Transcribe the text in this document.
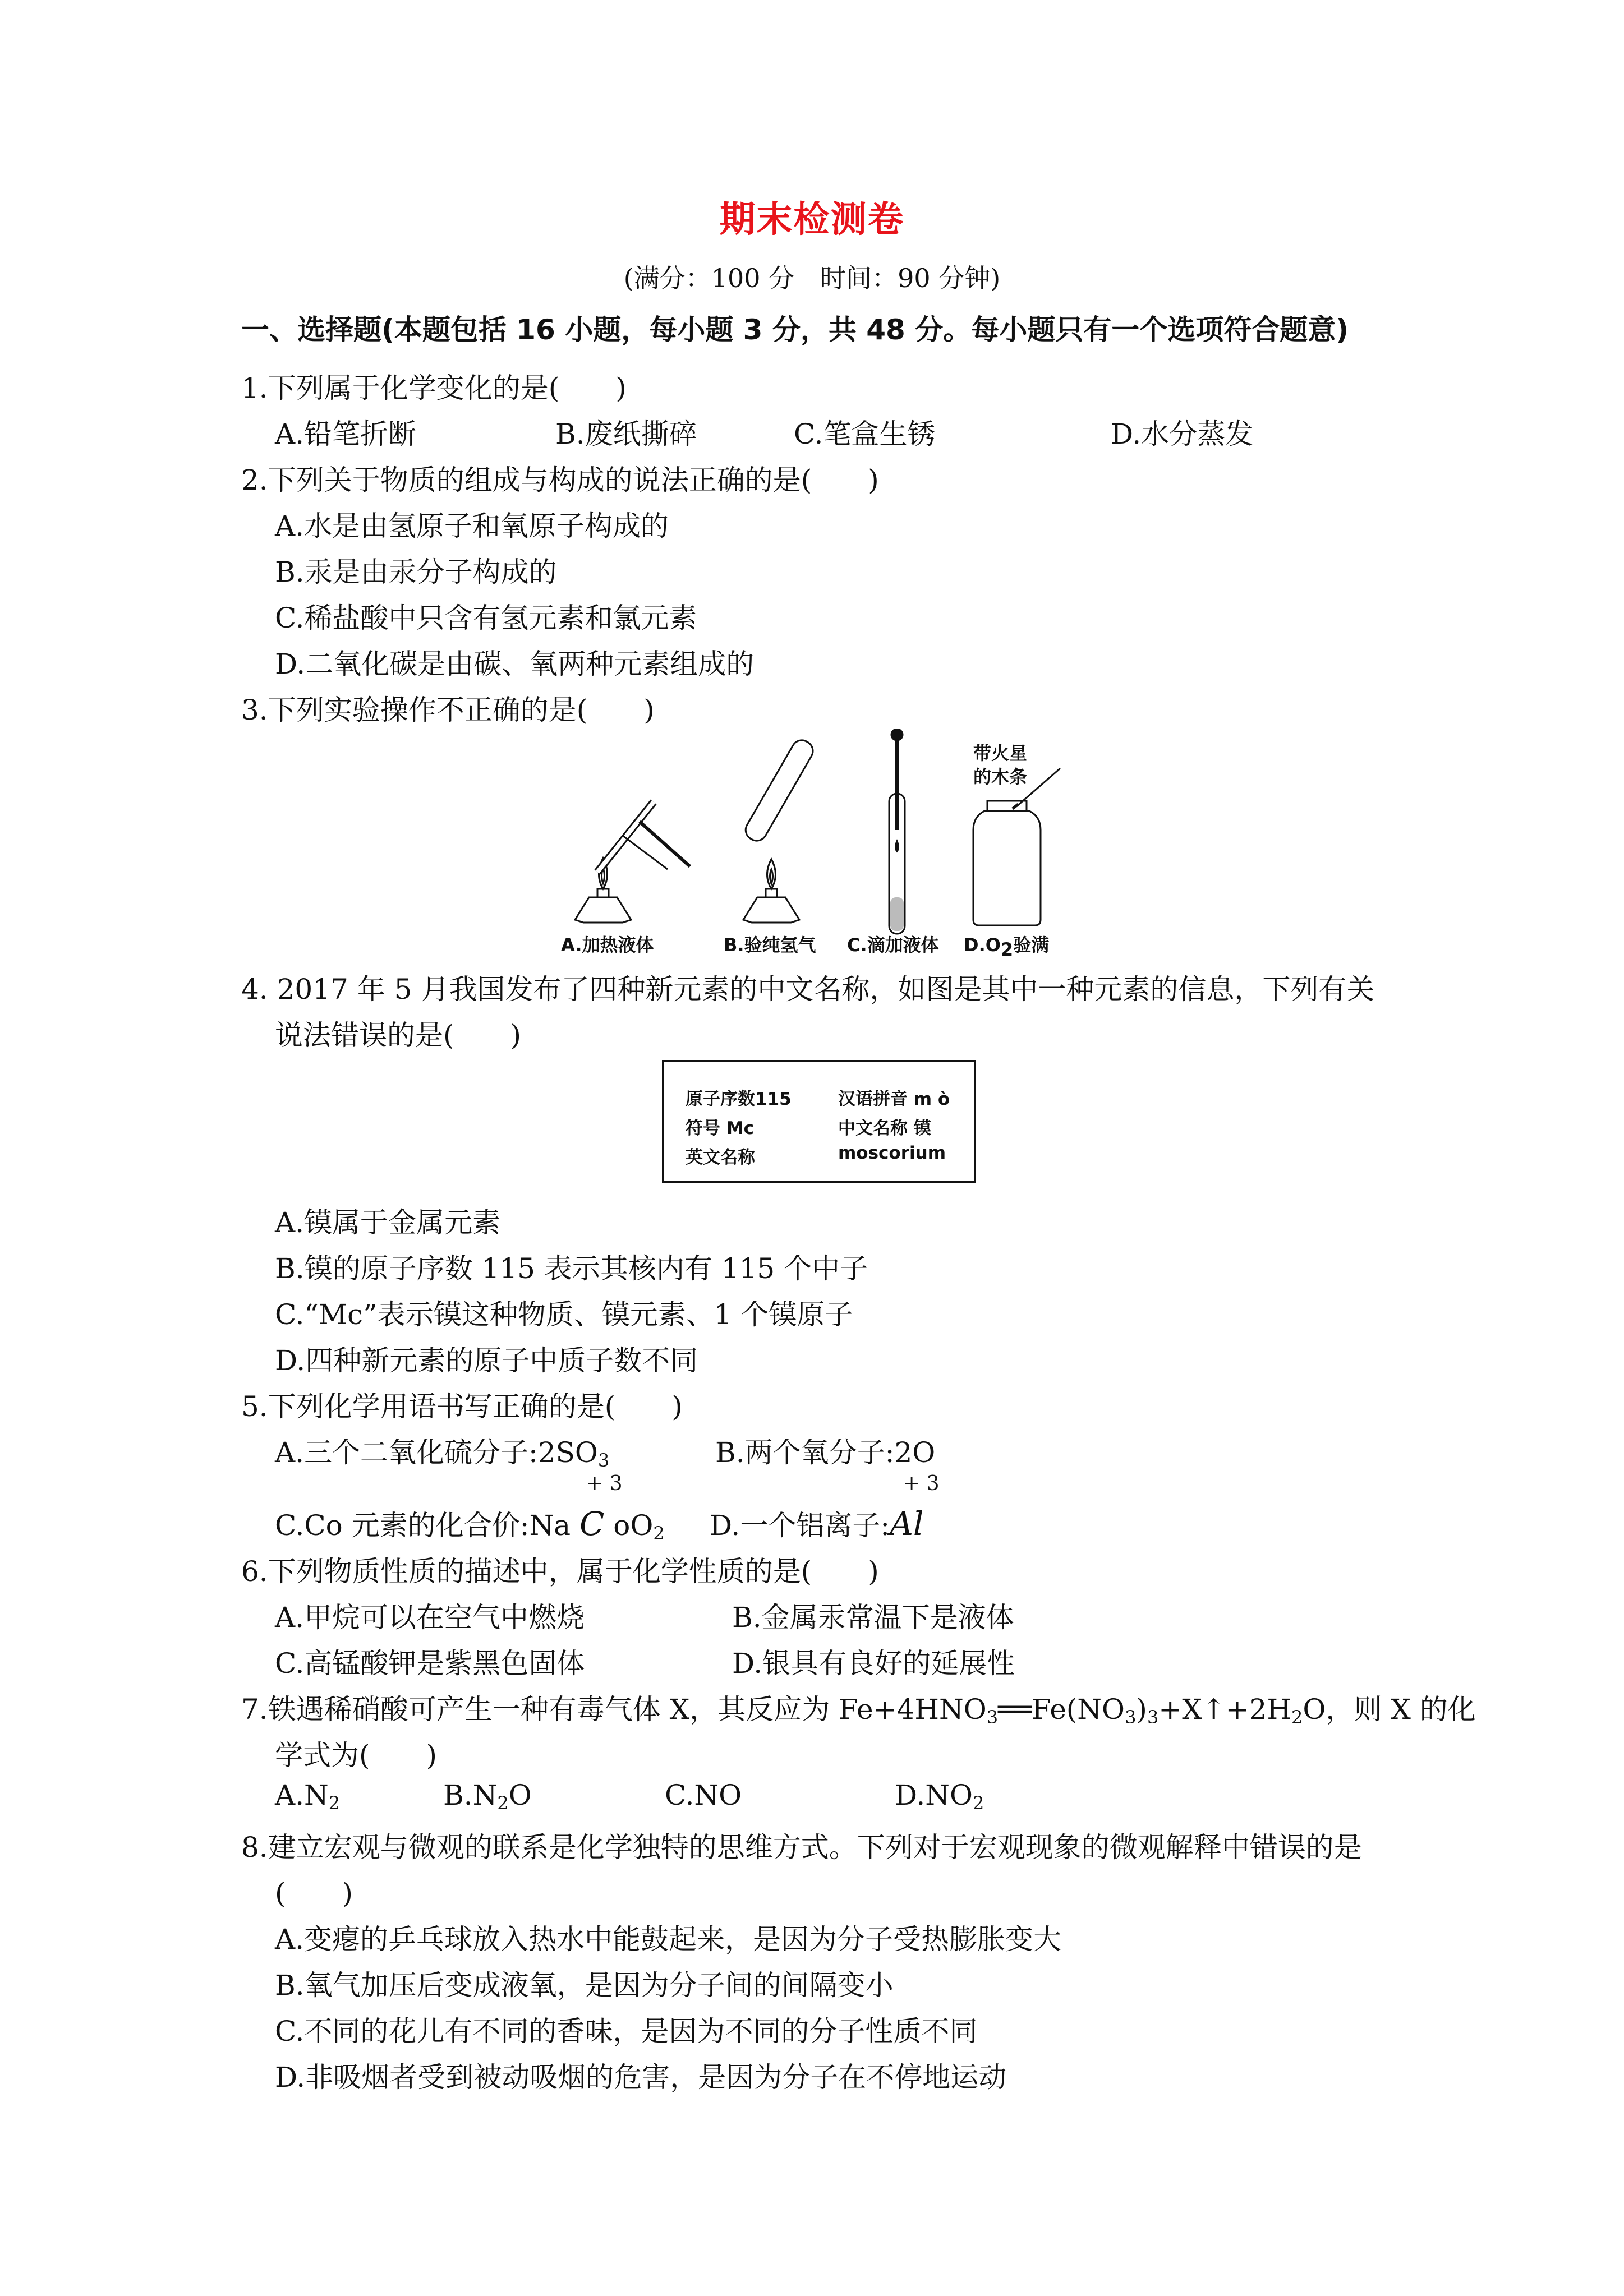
期末检测卷
(满分：100 分　时间：90 分钟)
一、选择题(本题包括 16 小题，每小题 3 分，共 48 分。每小题只有一个选项符合题意)
1.下列属于化学变化的是(　　)
A.铅笔折断	B.废纸撕碎	C.笔盒生锈	D.水分蒸发
2.下列关于物质的组成与构成的说法正确的是(　　)
A.水是由氢原子和氧原子构成的
B.汞是由汞分子构成的
C.稀盐酸中只含有氢元素和氯元素
D.二氧化碳是由碳、氧两种元素组成的
3.下列实验操作不正确的是(　　)
带火星
的木条
A.加热液体	B.验纯氢气 C.滴加液体 $D.O_2$验满
4. 2017 年 5 月我国发布了四种新元素的中文名称，如图是其中一种元素的信息，下列有关
说法错误的是(　　)
原子序数115	汉语拼音 m ò
符号 Mc	中文名称 镆
英文名称	moscorium
A.镆属于金属元素
B.镆的原子序数 115 表示其核内有 115 个中子
C.“Mc”表示镆这种物质、镆元素、1 个镆原子
D.四种新元素的原子中质子数不同
5.下列化学用语书写正确的是(　　)
A.三个二氧化硫分子$:2SO_3$	B.两个氧分子:2O
+ 3
C.Co 元素的化合价:Na C $oO_2$
+ 3
D.一个铝离子:Al
6.下列物质性质的描述中，属于化学性质的是(　　)
A.甲烷可以在空气中燃烧	B.金属汞常温下是液体
C.高锰酸钾是紫黑色固体	D.银具有良好的延展性
7.铁遇稀硝酸可产生一种有毒气体 X，其反应为 $Fe+4HNO_3══Fe(NO_3)_3+X↑+2H_2O$，则 X 的化
学式为(　　)
$A.N_2$	$B.N_2O$	C.NO	$D.NO_2$
8.建立宏观与微观的联系是化学独特的思维方式。下列对于宏观现象的微观解释中错误的是
(　　)
A.变瘪的乒乓球放入热水中能鼓起来，是因为分子受热膨胀变大
B.氧气加压后变成液氧，是因为分子间的间隔变小
C.不同的花儿有不同的香味，是因为不同的分子性质不同
D.非吸烟者受到被动吸烟的危害，是因为分子在不停地运动
